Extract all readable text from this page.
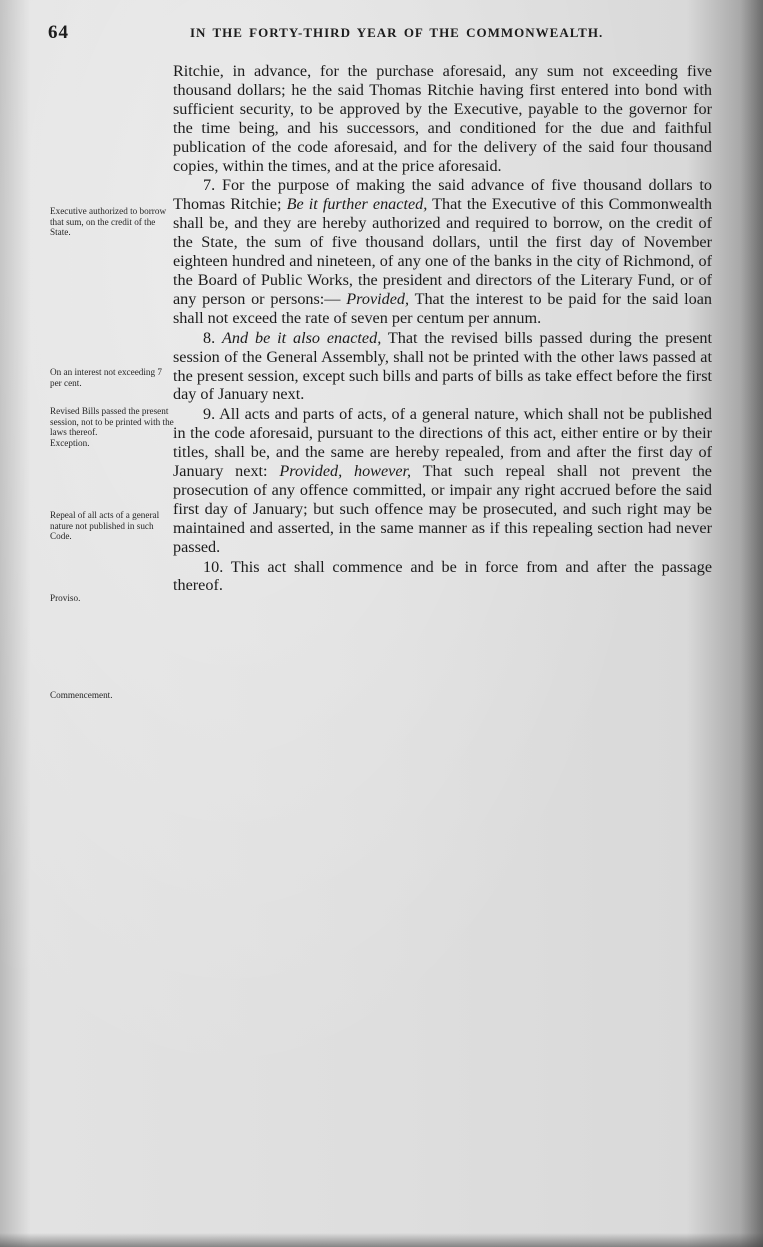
64	IN THE FORTY-THIRD YEAR OF THE COMMONWEALTH.

Executive authorized to borrow that sum, on the credit of the State.

On an interest not exceeding 7 per cent.

Revised Bills passed the present session, not to be printed with the laws thereof.

Exception.

Repeal of all acts of a general nature not published in such Code.

Proviso.

Commencement.

Ritchie, in advance, for the purchase aforesaid, any sum not exceeding five thousand dollars; he the said Thomas Ritchie having first entered into bond with sufficient security, to be approved by the Executive, payable to the governor for the time being, and his successors, and conditioned for the due and faithful publication of the code aforesaid, and for the delivery of the said four thousand copies, within the times, and at the price aforesaid.

7. For the purpose of making the said advance of five thousand dollars to Thomas Ritchie; Be it further enacted, That the Executive of this Commonwealth shall be, and they are hereby authorized and required to borrow, on the credit of the State, the sum of five thousand dollars, until the first day of November eighteen hundred and nineteen, of any one of the banks in the city of Richmond, of the Board of Public Works, the president and directors of the Literary Fund, or of any person or persons:— Provided, That the interest to be paid for the said loan shall not exceed the rate of seven per centum per annum.

8. And be it also enacted, That the revised bills passed during the present session of the General Assembly, shall not be printed with the other laws passed at the present session, except such bills and parts of bills as take effect before the first day of January next.

9. All acts and parts of acts, of a general nature, which shall not be published in the code aforesaid, pursuant to the directions of this act, either entire or by their titles, shall be, and the same are hereby repealed, from and after the first day of January next: Provided, however, That such repeal shall not prevent the prosecution of any offence committed, or impair any right accrued before the said first day of January; but such offence may be prosecuted, and such right may be maintained and asserted, in the same manner as if this repealing section had never passed.

10. This act shall commence and be in force from and after the passage thereof.
